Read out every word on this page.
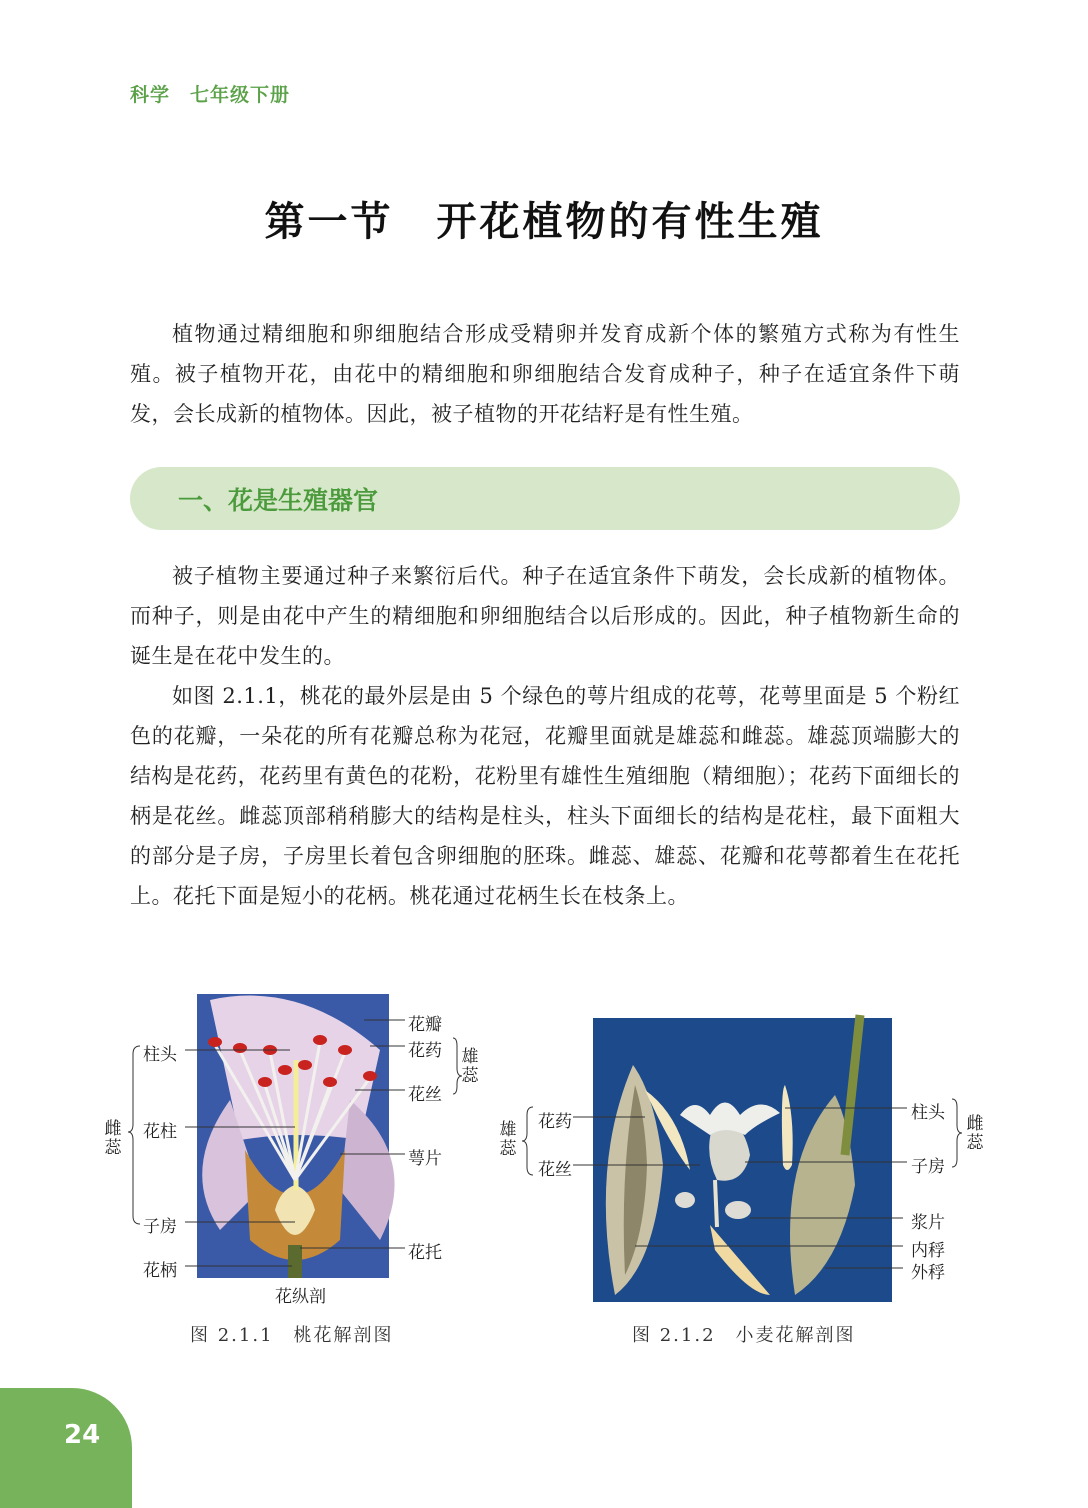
科学　七年级下册
第一节　开花植物的有性生殖

植物通过精细胞和卵细胞结合形成受精卵并发育成新个体的繁殖方式称为有性生殖。被子植物开花，由花中的精细胞和卵细胞结合发育成种子，种子在适宜条件下萌发，会长成新的植物体。因此，被子植物的开花结籽是有性生殖。

一、花是生殖器官

被子植物主要通过种子来繁衍后代。种子在适宜条件下萌发，会长成新的植物体。而种子，则是由花中产生的精细胞和卵细胞结合以后形成的。因此，种子植物新生命的诞生是在花中发生的。

如图 2.1.1，桃花的最外层是由 5 个绿色的萼片组成的花萼，花萼里面是 5 个粉红色的花瓣，一朵花的所有花瓣总称为花冠，花瓣里面就是雄蕊和雌蕊。雄蕊顶端膨大的结构是花药，花药里有黄色的花粉，花粉里有雄性生殖细胞（精细胞）；花药下面细长的柄是花丝。雌蕊顶部稍稍膨大的结构是柱头，柱头下面细长的结构是花柱，最下面粗大的部分是子房，子房里长着包含卵细胞的胚珠。雌蕊、雄蕊、花瓣和花萼都着生在花托上。花托下面是短小的花柄。桃花通过花柄生长在枝条上。

花瓣
花药
花丝
萼片
花托
雄蕊
柱头
花柱
子房
花柄
雌蕊
花纵剖
图 2.1.1　桃花解剖图
花药
花丝
雄蕊
柱头
子房
雌蕊
浆片
内稃
外稃
图 2.1.2　小麦花解剖图
24
